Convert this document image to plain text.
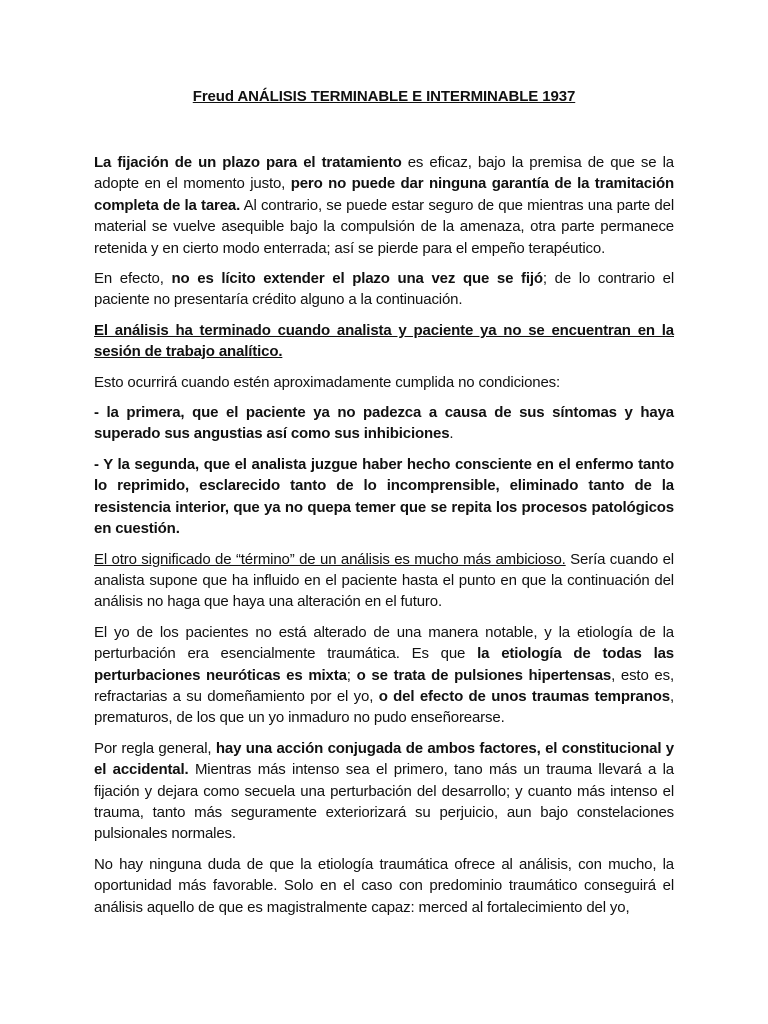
Freud ANÁLISIS TERMINABLE E INTERMINABLE 1937

La fijación de un plazo para el tratamiento es eficaz, bajo la premisa de que se la adopte en el momento justo, pero no puede dar ninguna garantía de la tramitación completa de la tarea. Al contrario, se puede estar seguro de que mientras una parte del material se vuelve asequible bajo la compulsión de la amenaza, otra parte permanece retenida y en cierto modo enterrada; así se pierde para el empeño terapéutico.

En efecto, no es lícito extender el plazo una vez que se fijó; de lo contrario el paciente no presentaría crédito alguno a la continuación.

El análisis ha terminado cuando analista y paciente ya no se encuentran en la sesión de trabajo analítico.

Esto ocurrirá cuando estén aproximadamente cumplida no condiciones:

- la primera, que el paciente ya no padezca a causa de sus síntomas y haya superado sus angustias así como sus inhibiciones.

- Y la segunda, que el analista juzgue haber hecho consciente en el enfermo tanto lo reprimido, esclarecido tanto de lo incomprensible, eliminado tanto de la resistencia interior, que ya no quepa temer que se repita los procesos patológicos en cuestión.

El otro significado de “término” de un análisis es mucho más ambicioso. Sería cuando el analista supone que ha influido en el paciente hasta el punto en que la continuación del análisis no haga que haya una alteración en el futuro.

El yo de los pacientes no está alterado de una manera notable, y la etiología de la perturbación era esencialmente traumática. Es que la etiología de todas las perturbaciones neuróticas es mixta; o se trata de pulsiones hipertensas, esto es, refractarias a su domeñamiento por el yo, o del efecto de unos traumas tempranos, prematuros, de los que un yo inmaduro no pudo enseñorearse.

Por regla general, hay una acción conjugada de ambos factores, el constitucional y el accidental. Mientras más intenso sea el primero, tano más un trauma llevará a la fijación y dejara como secuela una perturbación del desarrollo; y cuanto más intenso el trauma, tanto más seguramente exteriorizará su perjuicio, aun bajo constelaciones pulsionales normales.

No hay ninguna duda de que la etiología traumática ofrece al análisis, con mucho, la oportunidad más favorable. Solo en el caso con predominio traumático conseguirá el análisis aquello de que es magistralmente capaz: merced al fortalecimiento del yo,
